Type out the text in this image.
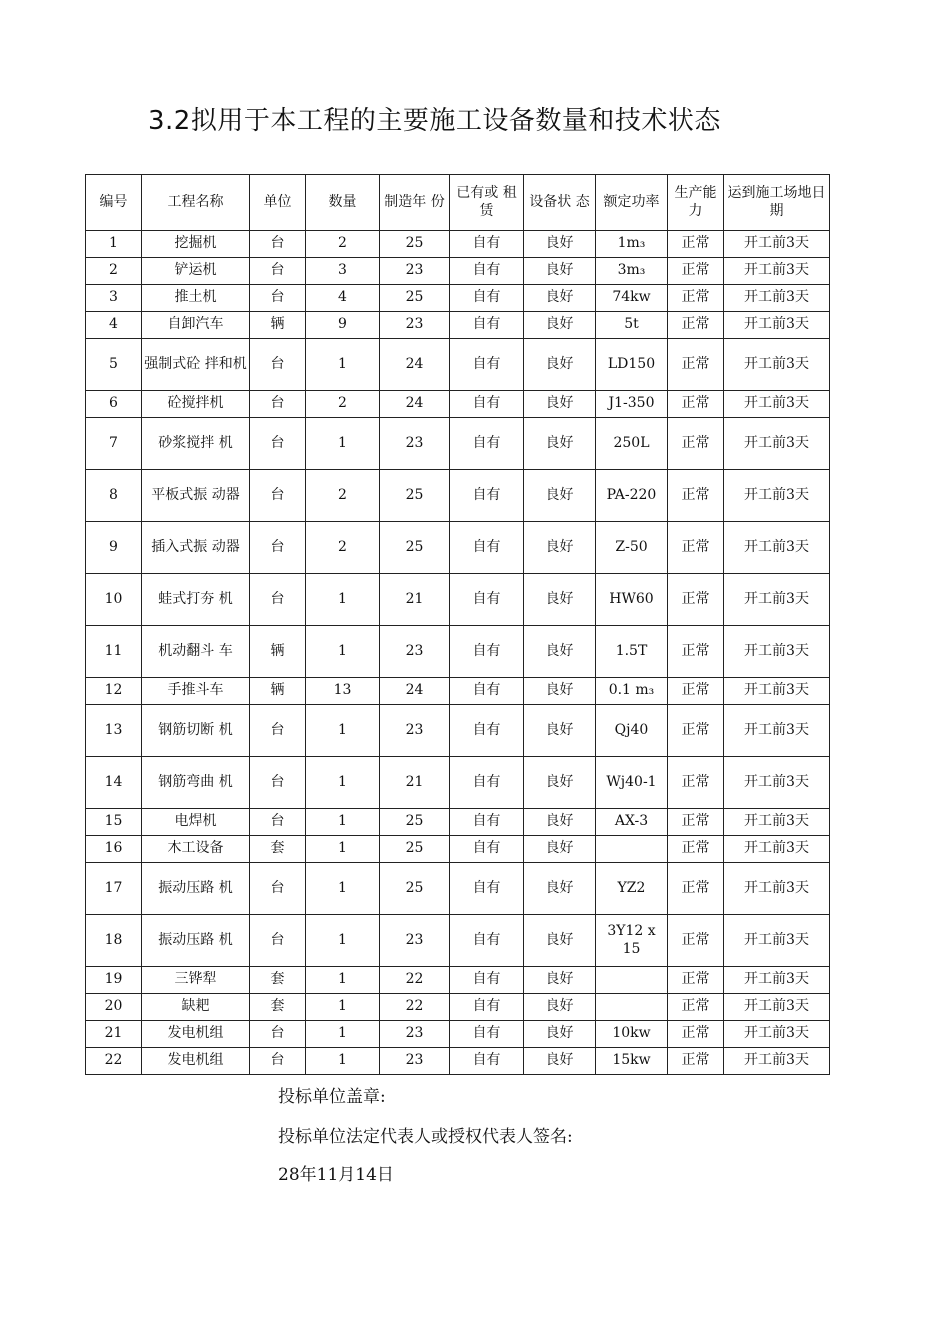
3.2拟用于本工程的主要施工设备数量和技术状态
编号	工程名称	单位	数量	制造年 份	已有或 租赁	设备状 态	额定功率	生产能力	运到施工场地日期
1	挖掘机	台	2	25	自有	良好	1m₃	正常	开工前3天
2	铲运机	台	3	23	自有	良好	3m₃	正常	开工前3天
3	推土机	台	4	25	自有	良好	74kw	正常	开工前3天
4	自卸汽车	辆	9	23	自有	良好	5t	正常	开工前3天
5	强制式砼 拌和机	台	1	24	自有	良好	LD150	正常	开工前3天
6	砼搅拌机	台	2	24	自有	良好	J1-350	正常	开工前3天
7	砂浆搅拌 机	台	1	23	自有	良好	250L	正常	开工前3天
8	平板式振 动器	台	2	25	自有	良好	PA-220	正常	开工前3天
9	插入式振 动器	台	2	25	自有	良好	Z-50	正常	开工前3天
10	蛙式打夯 机	台	1	21	自有	良好	HW60	正常	开工前3天
11	机动翻斗 车	辆	1	23	自有	良好	1.5T	正常	开工前3天
12	手推斗车	辆	13	24	自有	良好	0.1 m₃	正常	开工前3天
13	钢筋切断 机	台	1	23	自有	良好	Qj40	正常	开工前3天
14	钢筋弯曲 机	台	1	21	自有	良好	Wj40-1	正常	开工前3天
15	电焊机	台	1	25	自有	良好	AX-3	正常	开工前3天
16	木工设备	套	1	25	自有	良好		正常	开工前3天
17	振动压路 机	台	1	25	自有	良好	YZ2	正常	开工前3天
18	振动压路 机	台	1	23	自有	良好	3Y12 x 15	正常	开工前3天
19	三铧犁	套	1	22	自有	良好		正常	开工前3天
20	缺耙	套	1	22	自有	良好		正常	开工前3天
21	发电机组	台	1	23	自有	良好	10kw	正常	开工前3天
22	发电机组	台	1	23	自有	良好	15kw	正常	开工前3天
投标单位盖章:
投标单位法定代表人或授权代表人签名:
28年11月14日
